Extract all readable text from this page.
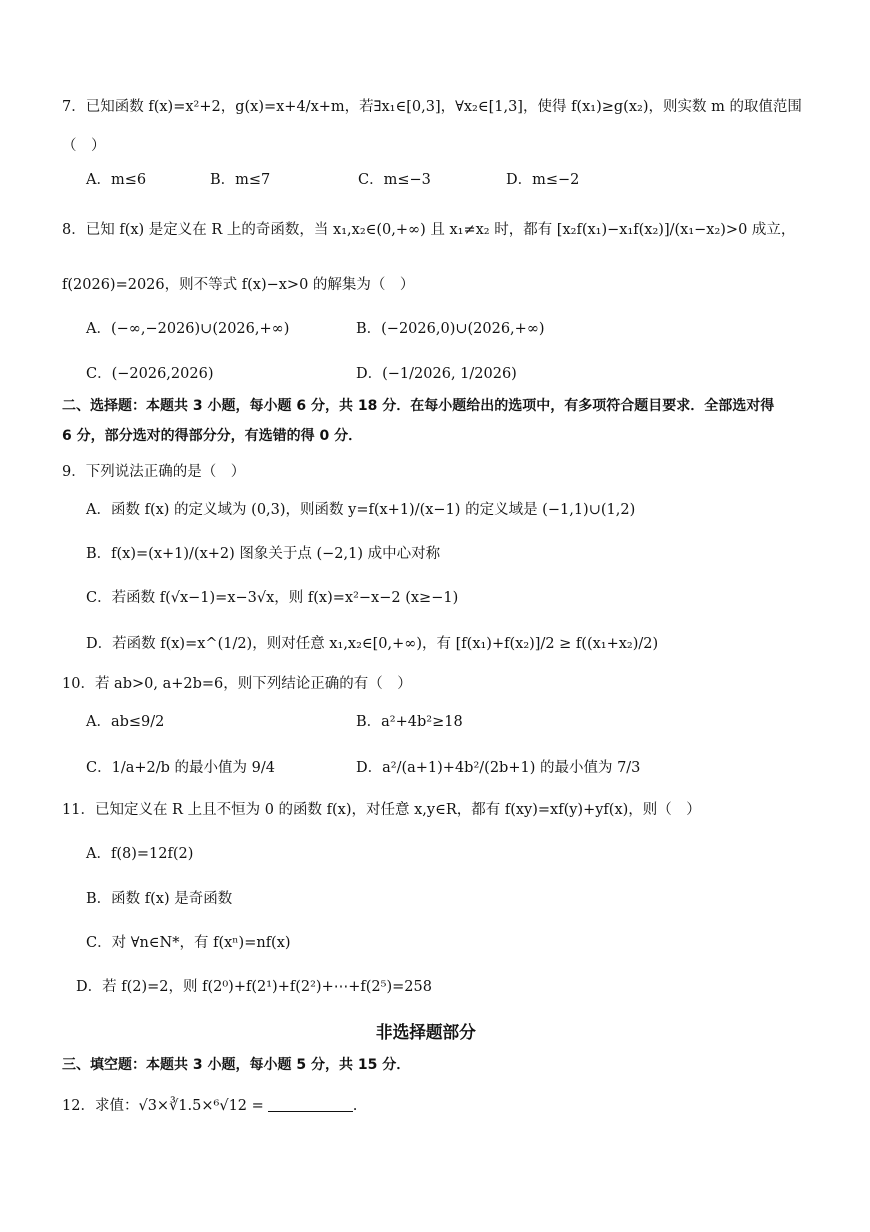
7．已知函数 f(x)=x²+2，g(x)=x+4/x+m，若∃x₁∈[0,3]，∀x₂∈[1,3]，使得 f(x₁)≥g(x₂)，则实数 m 的取值范围
（　）
A．m≤6	B．m≤7	C．m≤−3	D．m≤−2
8．已知 f(x) 是定义在 R 上的奇函数，当 x₁,x₂∈(0,+∞) 且 x₁≠x₂ 时，都有 [x₂f(x₁)−x₁f(x₂)]/(x₁−x₂)>0 成立，
f(2026)=2026，则不等式 f(x)−x>0 的解集为（　）
A．(−∞,−2026)∪(2026,+∞)	B．(−2026,0)∪(2026,+∞)
C．(−2026,2026)	D．(−1/2026, 1/2026)
二、选择题：本题共 3 小题，每小题 6 分，共 18 分．在每小题给出的选项中，有多项符合题目要求．全部选对得
6 分，部分选对的得部分分，有选错的得 0 分．
9．下列说法正确的是（　）
A．函数 f(x) 的定义域为 (0,3)，则函数 y=f(x+1)/(x−1) 的定义域是 (−1,1)∪(1,2)
B．f(x)=(x+1)/(x+2) 图象关于点 (−2,1) 成中心对称
C．若函数 f(√x−1)=x−3√x，则 f(x)=x²−x−2 (x≥−1)
D．若函数 f(x)=x^(1/2)，则对任意 x₁,x₂∈[0,+∞)，有 [f(x₁)+f(x₂)]/2 ≥ f((x₁+x₂)/2)
10．若 ab>0, a+2b=6，则下列结论正确的有（　）
A．ab≤9/2	B．a²+4b²≥18
C．1/a+2/b 的最小值为 9/4	D．a²/(a+1)+4b²/(2b+1) 的最小值为 7/3
11．已知定义在 R 上且不恒为 0 的函数 f(x)，对任意 x,y∈R，都有 f(xy)=xf(y)+yf(x)，则（　）
A．f(8)=12f(2)
B．函数 f(x) 是奇函数
C．对 ∀n∈N*，有 f(xⁿ)=nf(x)
D．若 f(2)=2，则 f(2⁰)+f(2¹)+f(2²)+⋯+f(2⁵)=258
非选择题部分
三、填空题：本题共 3 小题，每小题 5 分，共 15 分．
12．求值：√3×∛1.5×⁶√12 =	.
